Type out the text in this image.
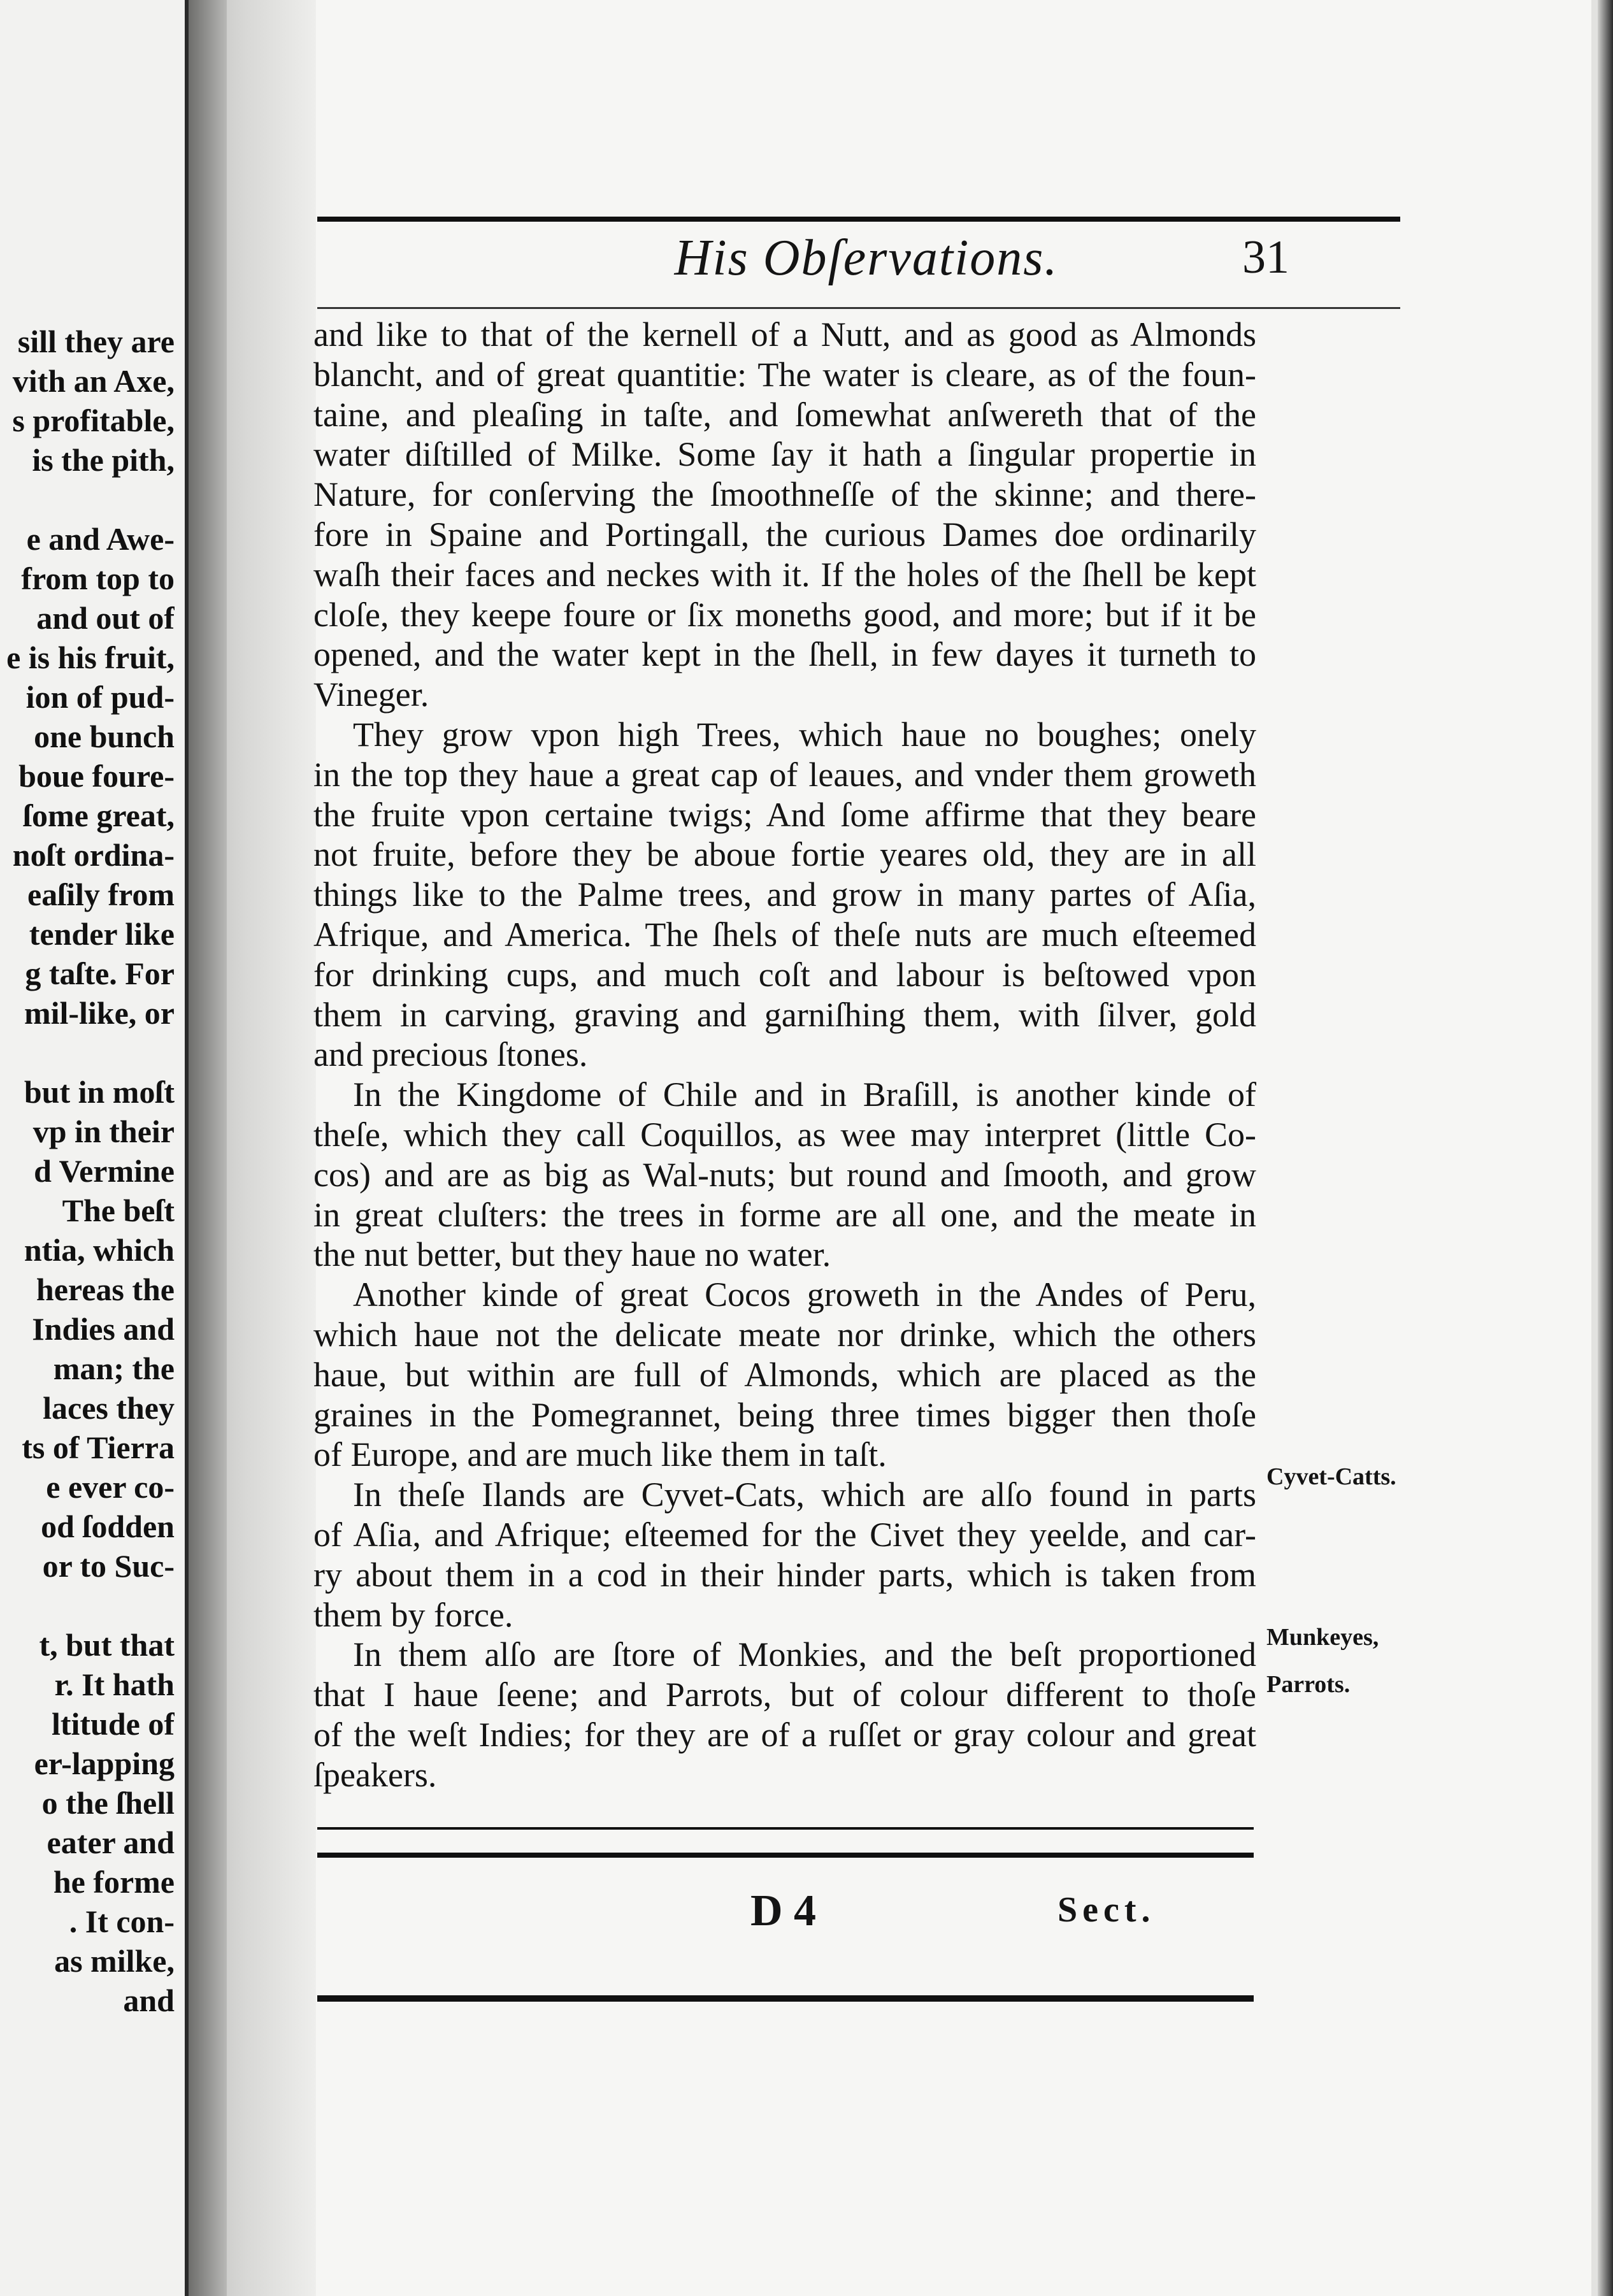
sill they are
vith an Axe,
s profitable,
is the pith,
e and Awe-
from top to
and out of
e is his fruit,
ion of pud-
one bunch
boue foure-
ſome great,
noſt ordina-
eaſily from
tender like
g taſte. For
mil-like, or
but in moſt
vp in their
d Vermine
The beſt
ntia, which
hereas the
Indies and
man; the
laces they
ts of Tierra
e ever co-
od ſodden
or to Suc-
t, but that
r. It hath
ltitude of
er-lapping
o the ſhell
eater and
he forme
. It con-
as milke,
and
His Obſervations.	31
and like to that of the kernell of a Nutt, and as good as Almonds
blancht, and of great quantitie: The water is cleare, as of the foun-
taine, and pleaſing in taſte, and ſomewhat anſwereth that of the
water diſtilled of Milke. Some ſay it hath a ſingular propertie in
Nature, for conſerving the ſmoothneſſe of the skinne; and there-
fore in Spaine and Portingall, the curious Dames doe ordinarily
waſh their faces and neckes with it. If the holes of the ſhell be kept
cloſe, they keepe foure or ſix moneths good, and more; but if it be
opened, and the water kept in the ſhell, in few dayes it turneth to
Vineger.
They grow vpon high Trees, which haue no boughes; onely
in the top they haue a great cap of leaues, and vnder them groweth
the fruite vpon certaine twigs; And ſome affirme that they beare
not fruite, before they be aboue fortie yeares old, they are in all
things like to the Palme trees, and grow in many partes of Aſia,
Afrique, and America. The ſhels of theſe nuts are much eſteemed
for drinking cups, and much coſt and labour is beſtowed vpon
them in carving, graving and garniſhing them, with ſilver, gold
and precious ſtones.
In the Kingdome of Chile and in Braſill, is another kinde of
theſe, which they call Coquillos, as wee may interpret (little Co-
cos) and are as big as Wal-nuts; but round and ſmooth, and grow
in great cluſters: the trees in forme are all one, and the meate in
the nut better, but they haue no water.
Another kinde of great Cocos groweth in the Andes of Peru,
which haue not the delicate meate nor drinke, which the others
haue, but within are full of Almonds, which are placed as the
graines in the Pomegrannet, being three times bigger then thoſe
of Europe, and are much like them in taſt.
In theſe Ilands are Cyvet-Cats, which are alſo found in parts
of Aſia, and Afrique; eſteemed for the Civet they yeelde, and car-
ry about them in a cod in their hinder parts, which is taken from
them by force.
In them alſo are ſtore of Monkies, and the beſt proportioned
that I haue ſeene; and Parrots, but of colour different to thoſe
of the weſt Indies; for they are of a ruſſet or gray colour and great
ſpeakers.
Cyvet-Catts.
Munkeyes,
Parrots.
D 4	Sect.
